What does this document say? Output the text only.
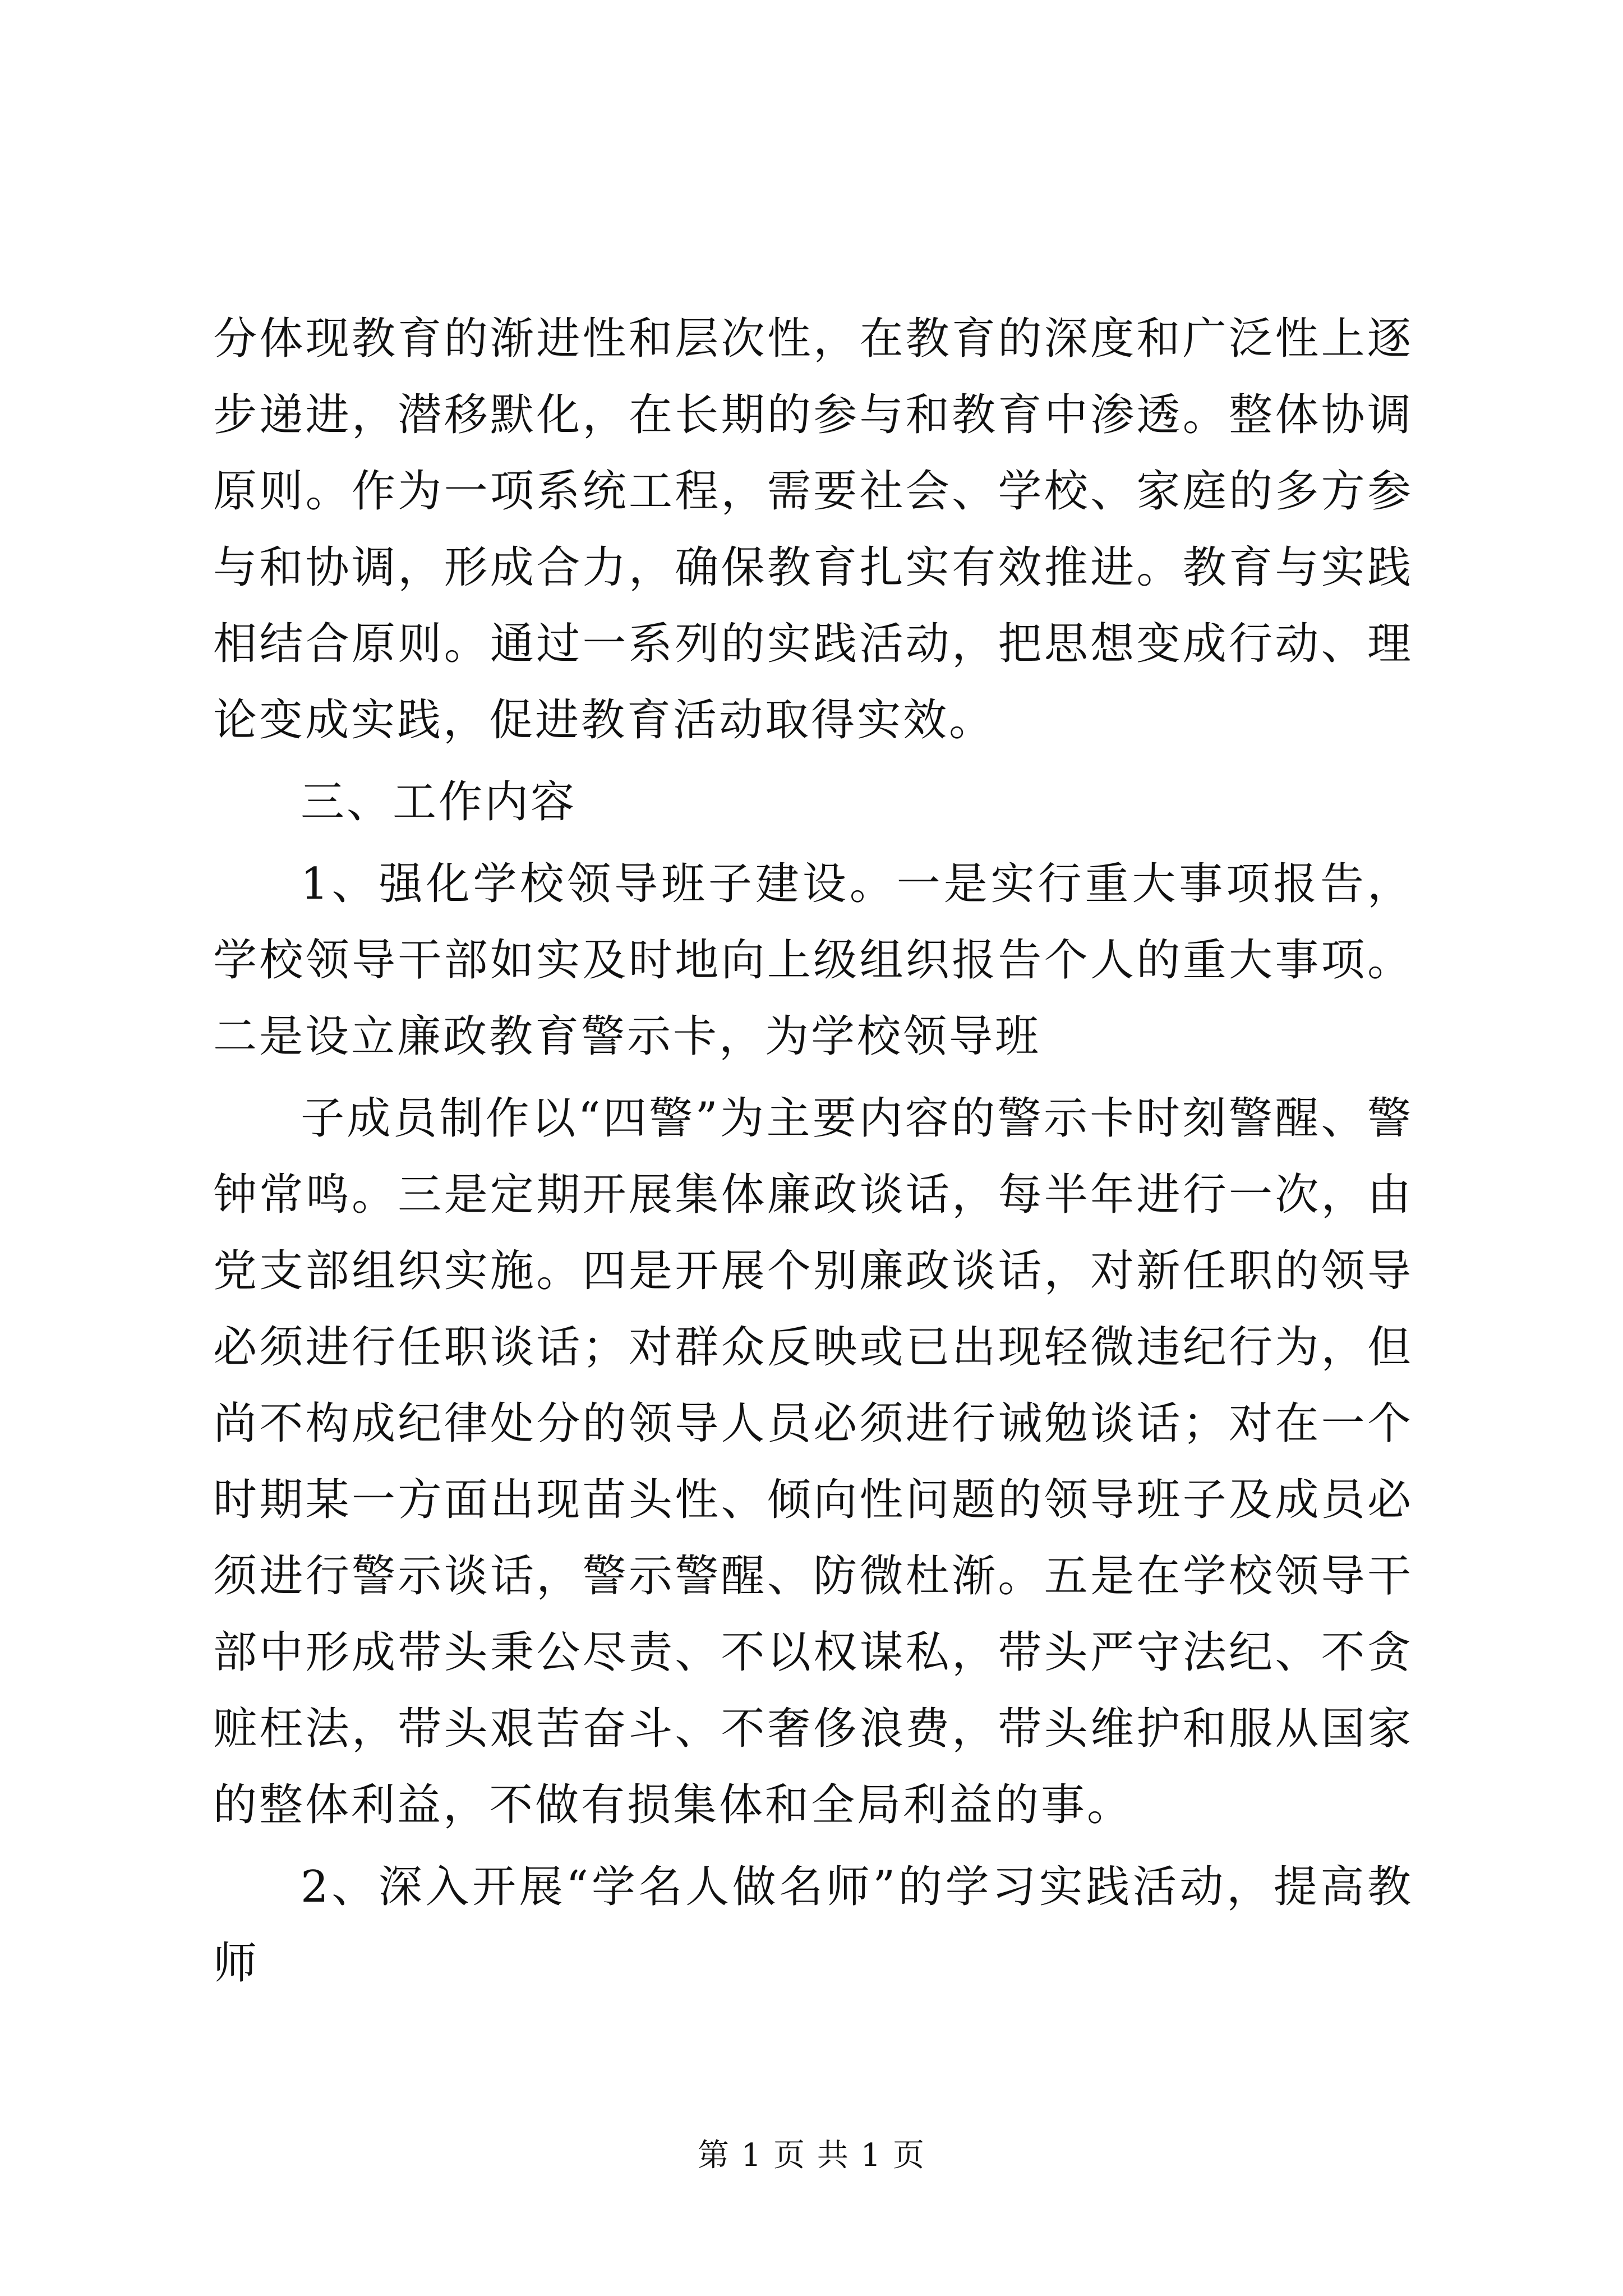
分体现教育的渐进性和层次性，在教育的深度和广泛性上逐步递进，潜移默化，在长期的参与和教育中渗透。整体协调原则。作为一项系统工程，需要社会、学校、家庭的多方参与和协调，形成合力，确保教育扎实有效推进。教育与实践相结合原则。通过一系列的实践活动，把思想变成行动、理论变成实践，促进教育活动取得实效。

三、工作内容

1、强化学校领导班子建设。一是实行重大事项报告，学校领导干部如实及时地向上级组织报告个人的重大事项。二是设立廉政教育警示卡，为学校领导班

子成员制作以“四警”为主要内容的警示卡时刻警醒、警钟常鸣。三是定期开展集体廉政谈话，每半年进行一次，由党支部组织实施。四是开展个别廉政谈话，对新任职的领导必须进行任职谈话；对群众反映或已出现轻微违纪行为，但尚不构成纪律处分的领导人员必须进行诫勉谈话；对在一个时期某一方面出现苗头性、倾向性问题的领导班子及成员必须进行警示谈话，警示警醒、防微杜渐。五是在学校领导干部中形成带头秉公尽责、不以权谋私，带头严守法纪、不贪赃枉法，带头艰苦奋斗、不奢侈浪费，带头维护和服从国家的整体利益，不做有损集体和全局利益的事。

2、深入开展“学名人做名师”的学习实践活动，提高教师

第 1 页 共 1 页
